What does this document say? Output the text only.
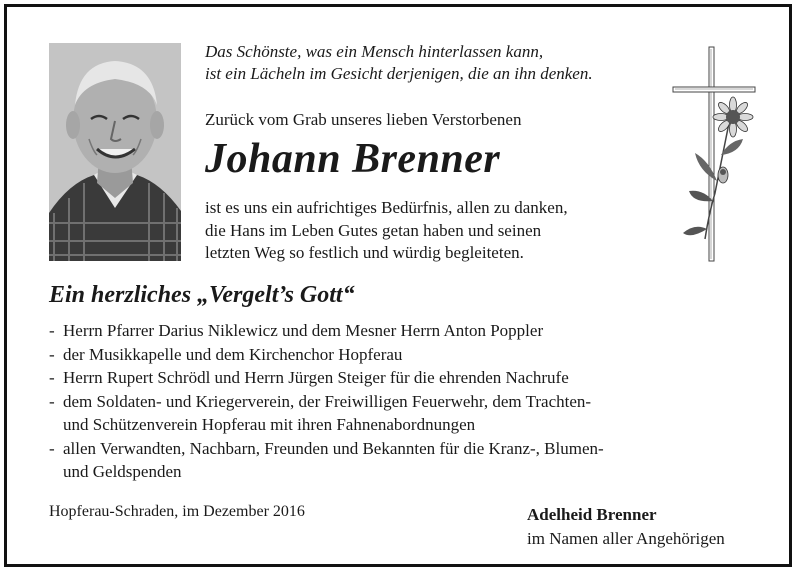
Das Schönste, was ein Mensch hinterlassen kann,
ist ein Lächeln im Gesicht derjenigen, die an ihn denken.
Zurück vom Grab unseres lieben Verstorbenen
Johann Brenner
ist es uns ein aufrichtiges Bedürfnis, allen zu danken,
die Hans im Leben Gutes getan haben und seinen
letzten Weg so festlich und würdig begleiteten.
Ein herzliches „Vergelt’s Gott“
- Herrn Pfarrer Darius Niklewicz und dem Mesner Herrn Anton Poppler
- der Musikkapelle und dem Kirchenchor Hopferau
- Herrn Rupert Schrödl und Herrn Jürgen Steiger für die ehrenden Nachrufe
- dem Soldaten- und Kriegerverein, der Freiwilligen Feuerwehr, dem Trachten-
und Schützenverein Hopferau mit ihren Fahnenabordnungen
- allen Verwandten, Nachbarn, Freunden und Bekannten für die Kranz-, Blumen-
und Geldspenden
Hopferau-Schraden, im Dezember 2016	Adelheid Brenner
im Namen aller Angehörigen
